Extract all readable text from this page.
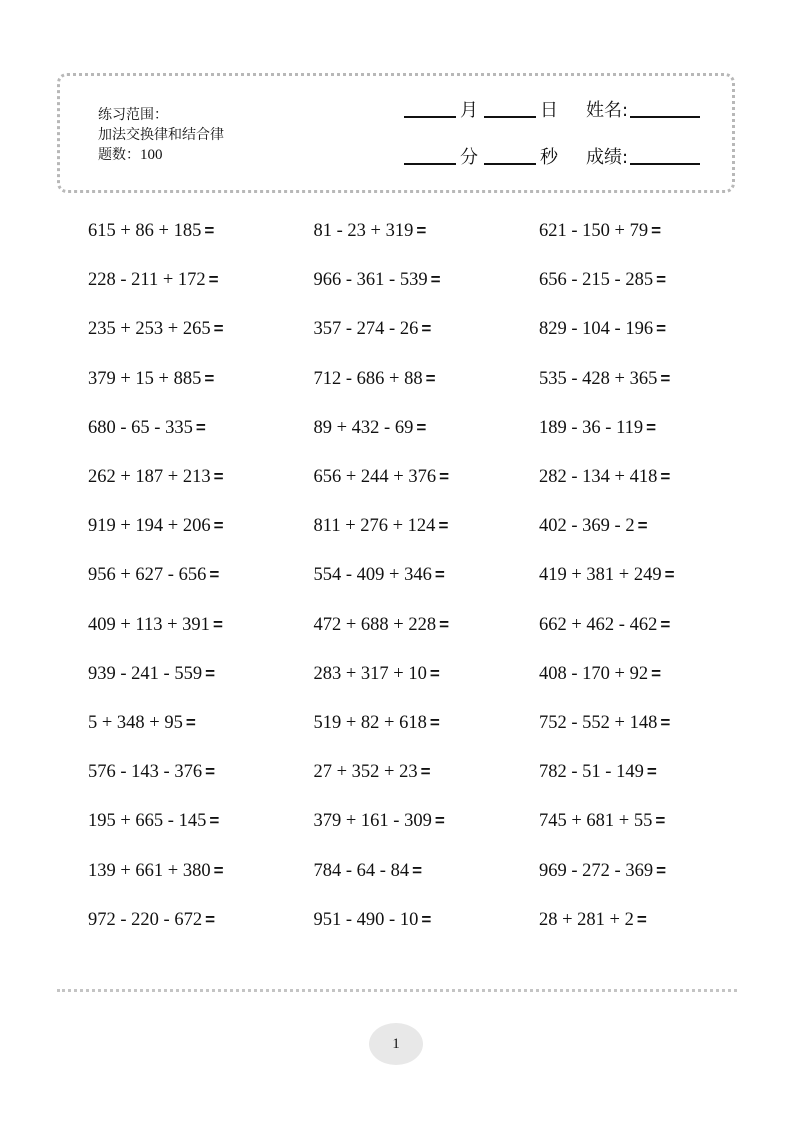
练习范围：
加法交换律和结合律
题数：100
月	日 姓名:
分	秒 成绩:
615 + 86 + 185 =	81 - 23 + 319 =	621 - 150 + 79 =
228 - 211 + 172 =	966 - 361 - 539 =	656 - 215 - 285 =
235 + 253 + 265 =	357 - 274 - 26 =	829 - 104 - 196 =
379 + 15 + 885 =	712 - 686 + 88 =	535 - 428 + 365 =
680 - 65 - 335 =	89 + 432 - 69 =	189 - 36 - 119 =
262 + 187 + 213 =	656 + 244 + 376 =	282 - 134 + 418 =
919 + 194 + 206 =	811 + 276 + 124 =	402 - 369 - 2 =
956 + 627 - 656 =	554 - 409 + 346 =	419 + 381 + 249 =
409 + 113 + 391 =	472 + 688 + 228 =	662 + 462 - 462 =
939 - 241 - 559 =	283 + 317 + 10 =	408 - 170 + 92 =
5 + 348 + 95 =	519 + 82 + 618 =	752 - 552 + 148 =
576 - 143 - 376 =	27 + 352 + 23 =	782 - 51 - 149 =
195 + 665 - 145 =	379 + 161 - 309 =	745 + 681 + 55 =
139 + 661 + 380 =	784 - 64 - 84 =	969 - 272 - 369 =
972 - 220 - 672 =	951 - 490 - 10 =	28 + 281 + 2 =
1
